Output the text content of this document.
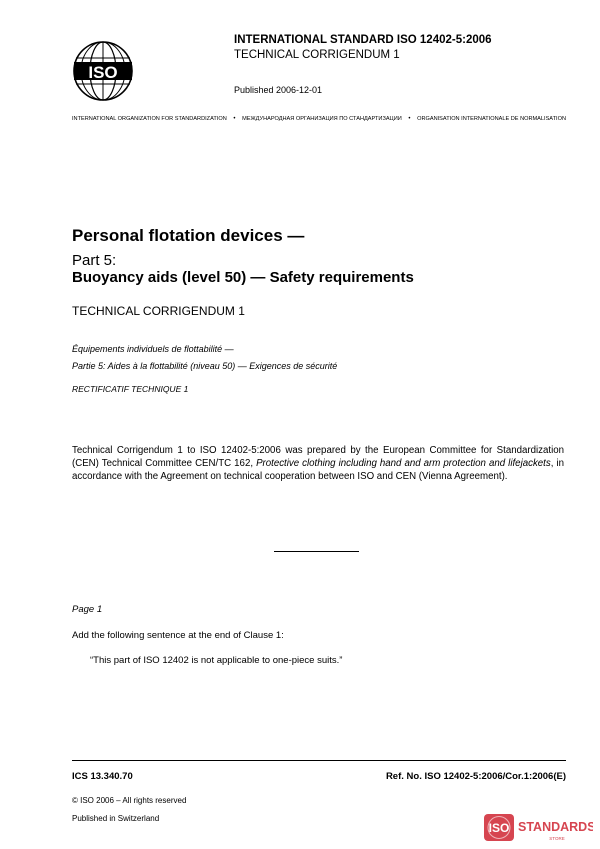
ISO
INTERNATIONAL STANDARD ISO 12402-5:2006
TECHNICAL CORRIGENDUM 1
Published 2006-12-01
INTERNATIONAL ORGANIZATION FOR STANDARDIZATION • МЕЖДУНАРОДНАЯ ОРГАНИЗАЦИЯ ПО СТАНДАРТИЗАЦИИ • ORGANISATION INTERNATIONALE DE NORMALISATION
Personal flotation devices —
Part 5:
Buoyancy aids (level 50) — Safety requirements
TECHNICAL CORRIGENDUM 1
Équipements individuels de flottabilité —
Partie 5: Aides à la flottabilité (niveau 50) — Exigences de sécurité
RECTIFICATIF TECHNIQUE 1
Technical Corrigendum 1 to ISO 12402-5:2006 was prepared by the European Committee for Standardization (CEN) Technical Committee CEN/TC 162, Protective clothing including hand and arm protection and lifejackets, in accordance with the Agreement on technical cooperation between ISO and CEN (Vienna Agreement).
Page 1
Add the following sentence at the end of Clause 1:
“This part of ISO 12402 is not applicable to one-piece suits.”
ICS 13.340.70	Ref. No. ISO 12402-5:2006/Cor.1:2006(E)
© ISO 2006 – All rights reserved
Published in Switzerland
ISO STANDARDS
STORE
